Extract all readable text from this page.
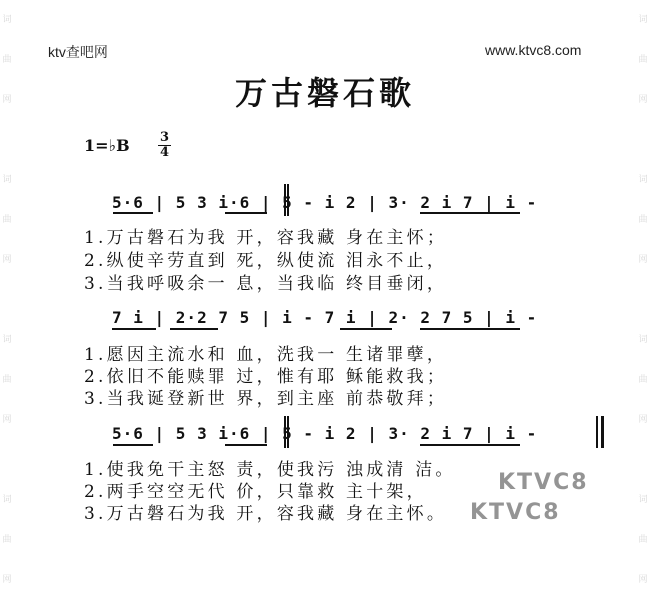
词
曲
网

词
曲
网

词
曲
网

词
曲
网
词
曲
网

词
曲
网

词
曲
网

词
曲
网
ktv查吧网	www.ktvc8.com
万古磐石歌
1=♭B 3
4
5·6 | 5 3 i·6 | 5 - i 2 | 3· 2 i 7 | i -
1.万古磐石为我 开，容我藏 身在主怀；
2.纵使辛劳直到 死，纵使流 泪永不止，
3.当我呼吸余一 息，当我临 终目垂闭，
7 i | 2·2 7 5 | i - 7 i | 2· 2 7 5 | i -
1.愿因主流水和 血，洗我一 生诸罪孽，
2.依旧不能赎罪 过，惟有耶 稣能救我；
3.当我诞登新世 界，到主座 前恭敬拜；
5·6 | 5 3 i·6 | 5 - i 2 | 3· 2 i 7 | i -
1.使我免干主怒 责，使我污 浊成清 洁。
2.两手空空无代 价，只靠救 主十架，
3.万古磐石为我 开，容我藏 身在主怀。
KTVC8
KTVC8
